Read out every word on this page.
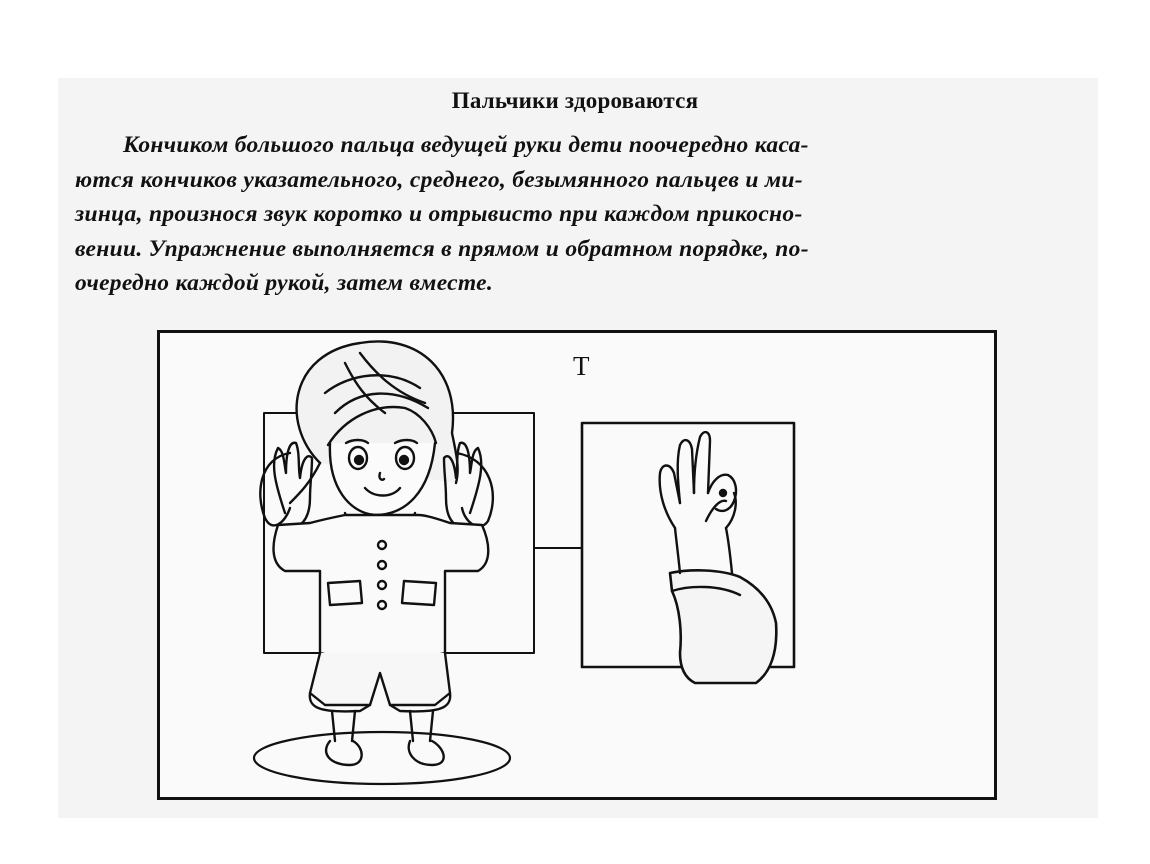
Пальчики здороваются
Кончиком большого пальца ведущей руки дети поочередно каса-
ются кончиков указательного, среднего, безымянного пальцев и ми-
зинца, произнося звук коротко и отрывисто при каждом прикоснo-
вении. Упражнение выполняется в прямом и обратном порядке, по-
очередно каждой рукой, затем вместе.
Т
